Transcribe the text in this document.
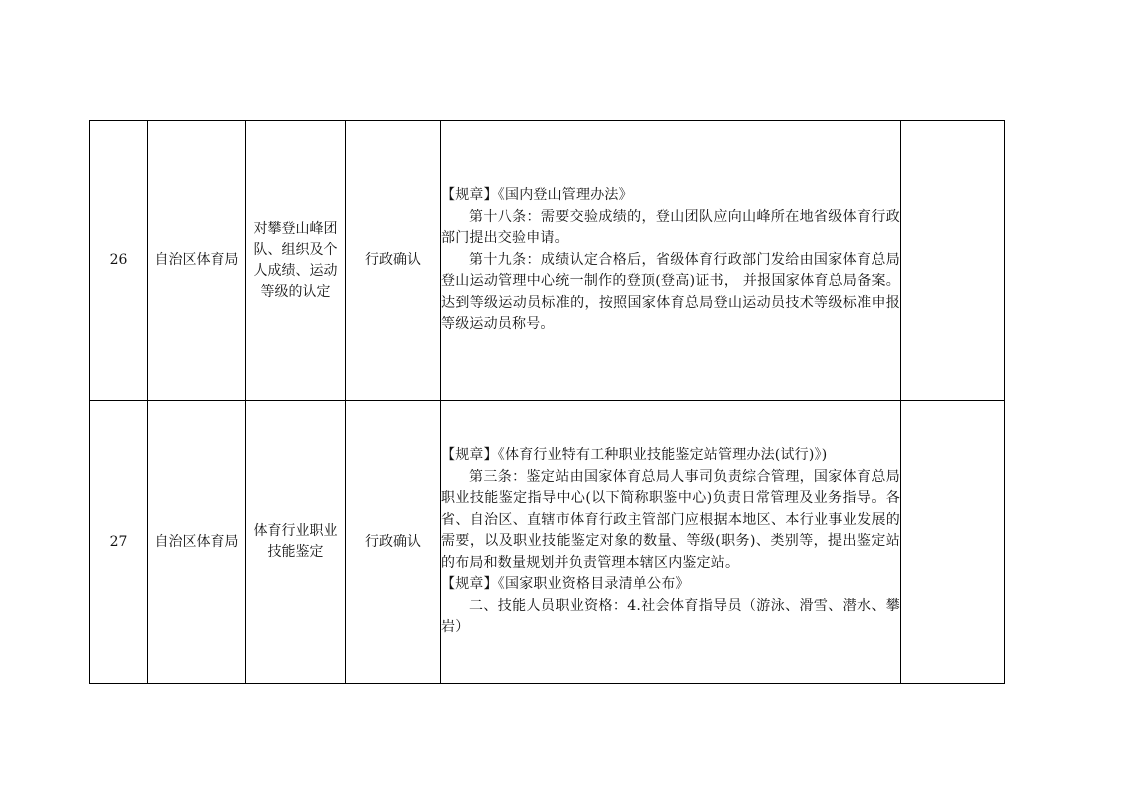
26	自治区体育局	对攀登山峰团队、组织及个人成绩、运动等级的认定	行政确认	【规章】《国内登山管理办法》
第十八条：需要交验成绩的，登山团队应向山峰所在地省级体育行政部门提出交验申请。
第十九条：成绩认定合格后，省级体育行政部门发给由国家体育总局登山运动管理中心统一制作的登顶(登高)证书， 并报国家体育总局备案。达到等级运动员标准的，按照国家体育总局登山运动员技术等级标准申报等级运动员称号。	

27	自治区体育局	体育行业职业技能鉴定	行政确认	【规章】《体育行业特有工种职业技能鉴定站管理办法(试行)》)
第三条：鉴定站由国家体育总局人事司负责综合管理，国家体育总局职业技能鉴定指导中心(以下简称职鉴中心)负责日常管理及业务指导。各省、自治区、直辖市体育行政主管部门应根据本地区、本行业事业发展的需要，以及职业技能鉴定对象的数量、等级(职务)、类别等，提出鉴定站的布局和数量规划并负责管理本辖区内鉴定站。
【规章】《国家职业资格目录清单公布》
二、技能人员职业资格：4.社会体育指导员（游泳、滑雪、潜水、攀岩）	
